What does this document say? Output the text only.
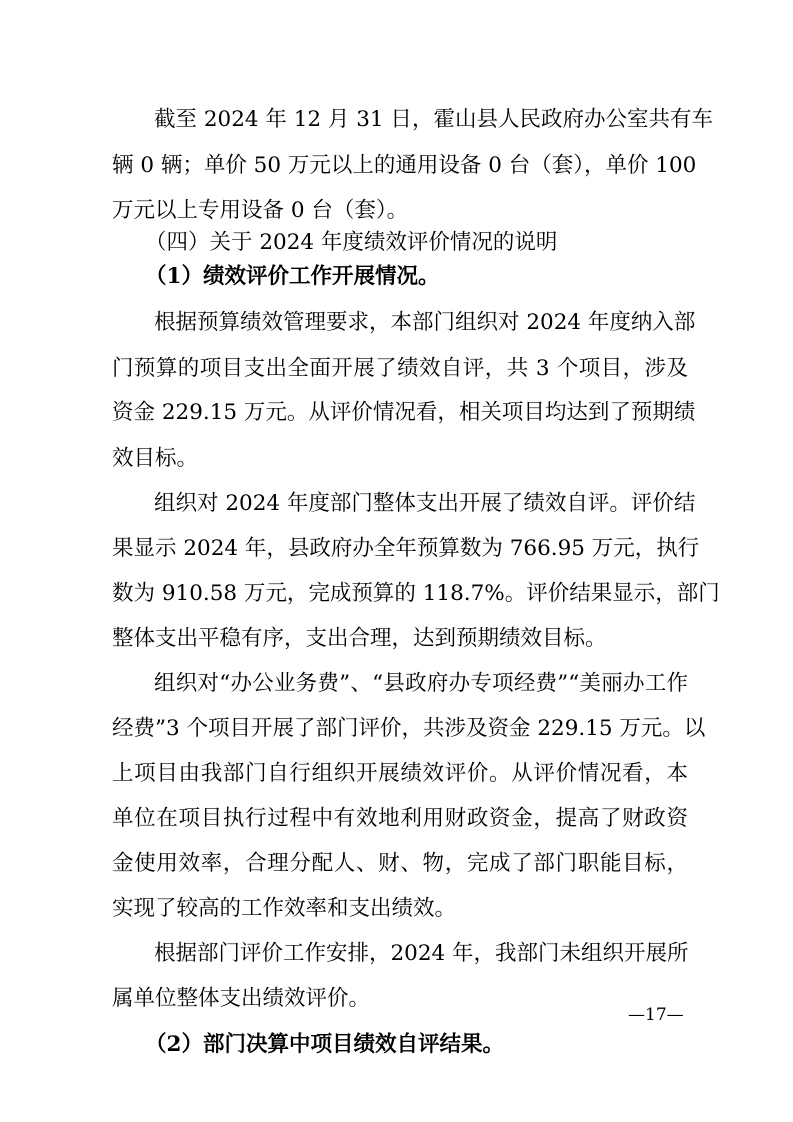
截至 2024 年 12 月 31 日，霍山县人民政府办公室共有车
辆 0 辆；单价 50 万元以上的通用设备 0 台（套），单价 100
万元以上专用设备 0 台（套）。
（四）关于 2024 年度绩效评价情况的说明
（1）绩效评价工作开展情况。
根据预算绩效管理要求，本部门组织对 2024 年度纳入部
门预算的项目支出全面开展了绩效自评，共 3 个项目，涉及
资金 229.15 万元。从评价情况看，相关项目均达到了预期绩
效目标。
组织对 2024 年度部门整体支出开展了绩效自评。评价结
果显示 2024 年，县政府办全年预算数为 766.95 万元，执行
数为 910.58 万元，完成预算的 118.7%。评价结果显示，部门
整体支出平稳有序，支出合理，达到预期绩效目标。
组织对“办公业务费”、“县政府办专项经费”“美丽办工作
经费”3 个项目开展了部门评价，共涉及资金 229.15 万元。以
上项目由我部门自行组织开展绩效评价。从评价情况看，本
单位在项目执行过程中有效地利用财政资金，提高了财政资
金使用效率，合理分配人、财、物，完成了部门职能目标，
实现了较高的工作效率和支出绩效。
根据部门评价工作安排，2024 年，我部门未组织开展所
属单位整体支出绩效评价。
（2）部门决算中项目绩效自评结果。
—17—
